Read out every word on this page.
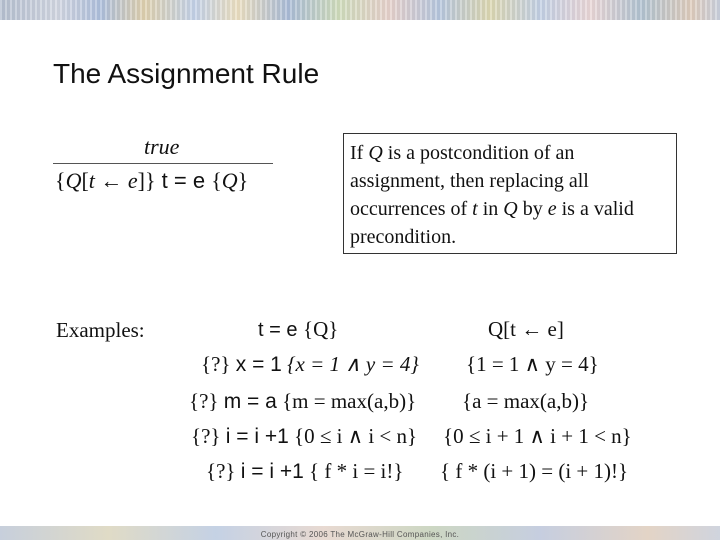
The Assignment Rule
true
{Q[t ← e]} t = e {Q}
If Q is a postcondition of an assignment, then replacing all occurrences of t in Q by e is a valid precondition.
Examples:	t = e {Q}	Q[t ← e]
{?} x = 1 {x = 1 ∧ y = 4} {1 = 1 ∧ y = 4}
{?} m = a {m = max(a,b)} {a = max(a,b)}
{?} i = i +1 {0 ≤ i ∧ i < n} {0 ≤ i + 1 ∧ i + 1 < n}
{?} i = i +1 { f * i = i!} { f * (i + 1) = (i + 1)!}
Copyright © 2006 The McGraw-Hill Companies, Inc.
